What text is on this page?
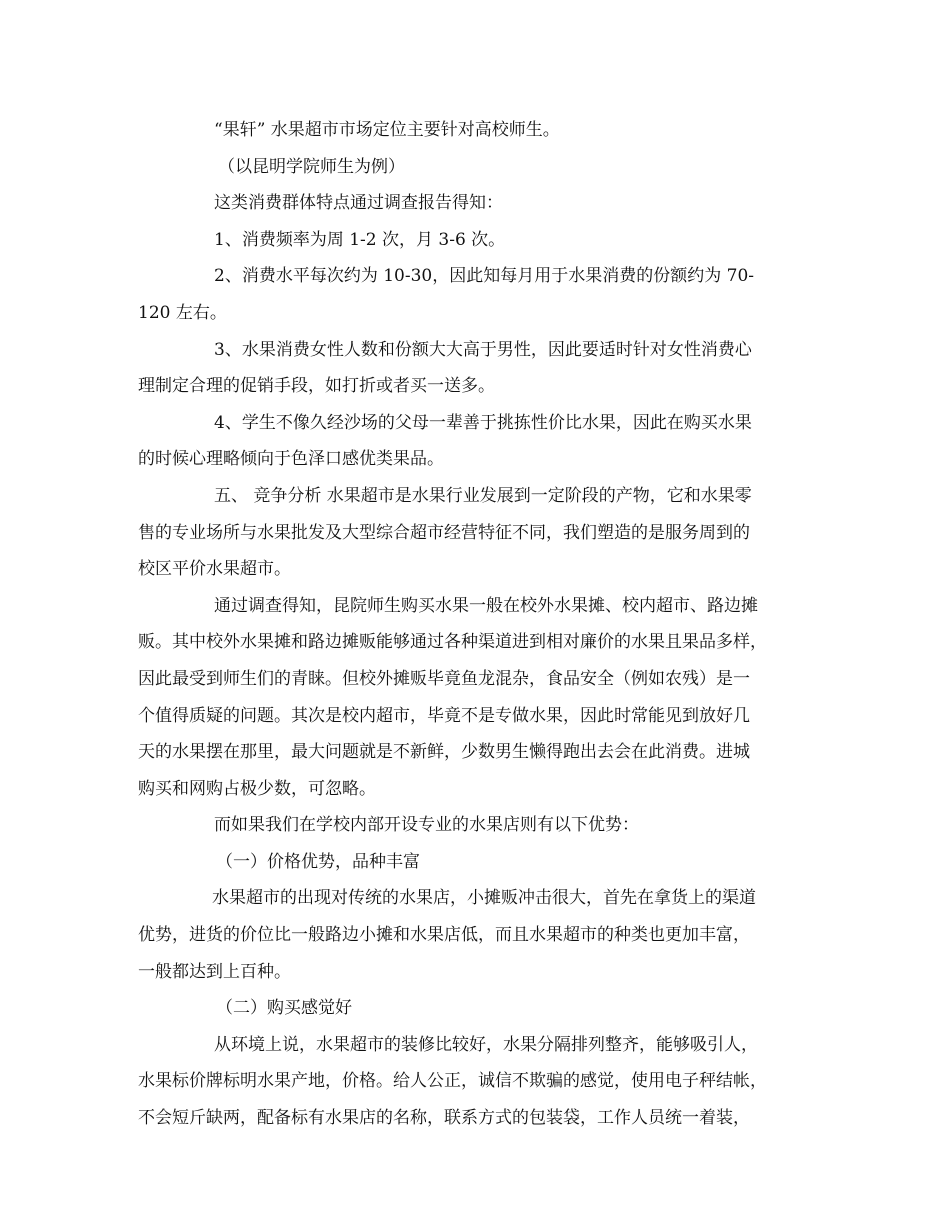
“果轩” 水果超市市场定位主要针对高校师生。

（以昆明学院师生为例）

这类消费群体特点通过调查报告得知：

1、消费频率为周 1-2 次，月 3-6 次。

2、消费水平每次约为 10-30，因此知每月用于水果消费的份额约为 70-

120 左右。

3、水果消费女性人数和份额大大高于男性，因此要适时针对女性消费心

理制定合理的促销手段，如打折或者买一送多。

4、学生不像久经沙场的父母一辈善于挑拣性价比水果，因此在购买水果

的时候心理略倾向于色泽口感优类果品。

五、 竞争分析 水果超市是水果行业发展到一定阶段的产物，它和水果零

售的专业场所与水果批发及大型综合超市经营特征不同，我们塑造的是服务周到的

校区平价水果超市。

通过调查得知，昆院师生购买水果一般在校外水果摊、校内超市、路边摊

贩。其中校外水果摊和路边摊贩能够通过各种渠道进到相对廉价的水果且果品多样，

因此最受到师生们的青睐。但校外摊贩毕竟鱼龙混杂，食品安全（例如农残）是一

个值得质疑的问题。其次是校内超市，毕竟不是专做水果，因此时常能见到放好几

天的水果摆在那里，最大问题就是不新鲜，少数男生懒得跑出去会在此消费。进城

购买和网购占极少数，可忽略。

而如果我们在学校内部开设专业的水果店则有以下优势：

（一）价格优势，品种丰富

水果超市的出现对传统的水果店，小摊贩冲击很大，首先在拿货上的渠道

优势，进货的价位比一般路边小摊和水果店低，而且水果超市的种类也更加丰富，

一般都达到上百种。

（二）购买感觉好

从环境上说，水果超市的装修比较好，水果分隔排列整齐，能够吸引人，

水果标价牌标明水果产地，价格。给人公正，诚信不欺骗的感觉，使用电子秤结帐，

不会短斤缺两，配备标有水果店的名称，联系方式的包装袋，工作人员统一着装，
